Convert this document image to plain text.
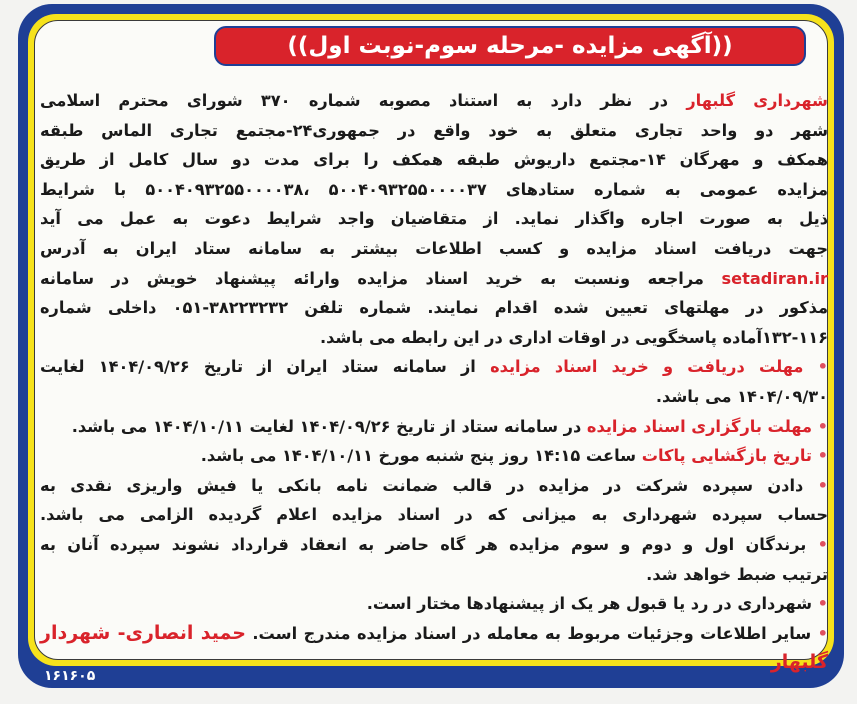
((آگهی مزایده -مرحله سوم-نوبت اول))
شهرداری گلبهار در نظر دارد به استناد مصوبه شماره ۳۷۰ شورای محترم اسلامی
شهر دو واحد تجاری متعلق به خود واقع در جمهوری۲۴-مجتمع تجاری الماس طبقه
همکف و مهرگان ۱۴-مجتمع داریوش طبقه همکف را برای مدت دو سال کامل از طریق
مزایده عمومی به شماره ستادهای ۵۰۰۴۰۹۳۲۵۵۰۰۰۰۳۷ ،۵۰۰۴۰۹۳۲۵۵۰۰۰۰۳۸ با شرایط
ذیل به صورت اجاره واگذار نماید. از متقاضیان واجد شرایط دعوت به عمل می آید
جهت دریافت اسناد مزایده و کسب اطلاعات بیشتر به سامانه ستاد ایران به آدرس
setadiran.ir مراجعه ونسبت به خرید اسناد مزایده وارائه پیشنهاد خویش در سامانه
مذکور در مهلتهای تعیین شده اقدام نمایند. شماره تلفن ۳۸۲۲۳۲۳۲-۰۵۱ داخلی شماره
۱۳۲-۱۱۶آماده پاسخگویی در اوقات اداری در این رابطه می باشد.
• مهلت دریافت و خرید اسناد مزایده از سامانه ستاد ایران از تاریخ ۱۴۰۴/۰۹/۲۶ لغایت
۱۴۰۴/۰۹/۳۰ می باشد.
• مهلت بارگزاری اسناد مزایده در سامانه ستاد از تاریخ ۱۴۰۴/۰۹/۲۶ لغایت ۱۴۰۴/۱۰/۱۱ می باشد.
• تاریخ بازگشایی پاکات ساعت ۱۴:۱۵ روز پنج شنبه مورخ ۱۴۰۴/۱۰/۱۱ می باشد.
• دادن سپرده شرکت در مزایده در قالب ضمانت نامه بانکی یا فیش واریزی نقدی به
حساب سپرده شهرداری به میزانی که در اسناد مزایده اعلام گردیده الزامی می باشد.
• برندگان اول و دوم و سوم مزایده هر گاه حاضر به انعقاد قرارداد نشوند سپرده آنان به
ترتیب ضبط خواهد شد.
• شهرداری در رد یا قبول هر یک از پیشنهادها مختار است.
• سایر اطلاعات وجزئیات مربوط به معامله در اسناد مزایده مندرج است. حمید انصاری- شهردار گلبهار
۱۶۱۶۰۵
